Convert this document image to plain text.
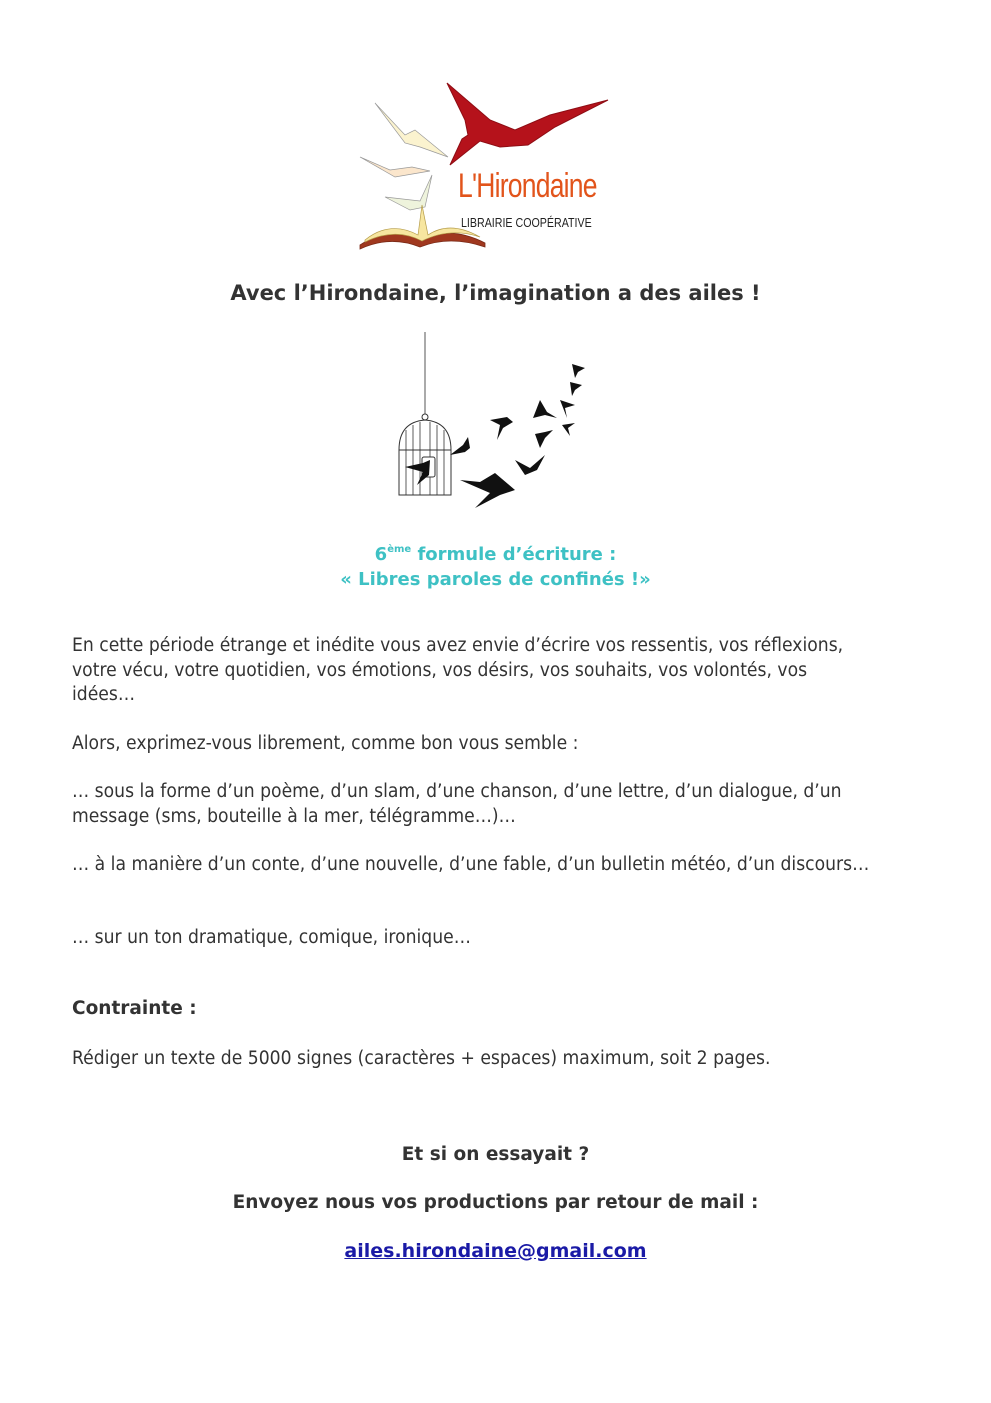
L'Hirondaine
LIBRAIRIE COOPÉRATIVE
Avec l’Hirondaine, l’imagination a des ailes !
6ème formule d’écriture :
« Libres paroles de confinés !»
En cette période étrange et inédite vous avez envie d’écrire vos ressentis, vos réflexions, votre vécu, votre quotidien, vos émotions, vos désirs, vos souhaits, vos volontés, vos idées…
Alors, exprimez-vous librement, comme bon vous semble :
… sous la forme d’un poème, d’un slam, d’une chanson, d’une lettre, d’un dialogue, d’un message (sms, bouteille à la mer, télégramme…)…
… à la manière d’un conte, d’une nouvelle, d’une fable, d’un bulletin météo, d’un discours…
… sur un ton dramatique, comique, ironique…
Contrainte :
Rédiger un texte de 5000 signes (caractères + espaces) maximum, soit 2 pages.
Et si on essayait ?
Envoyez nous vos productions par retour de mail :
ailes.hirondaine@gmail.com
